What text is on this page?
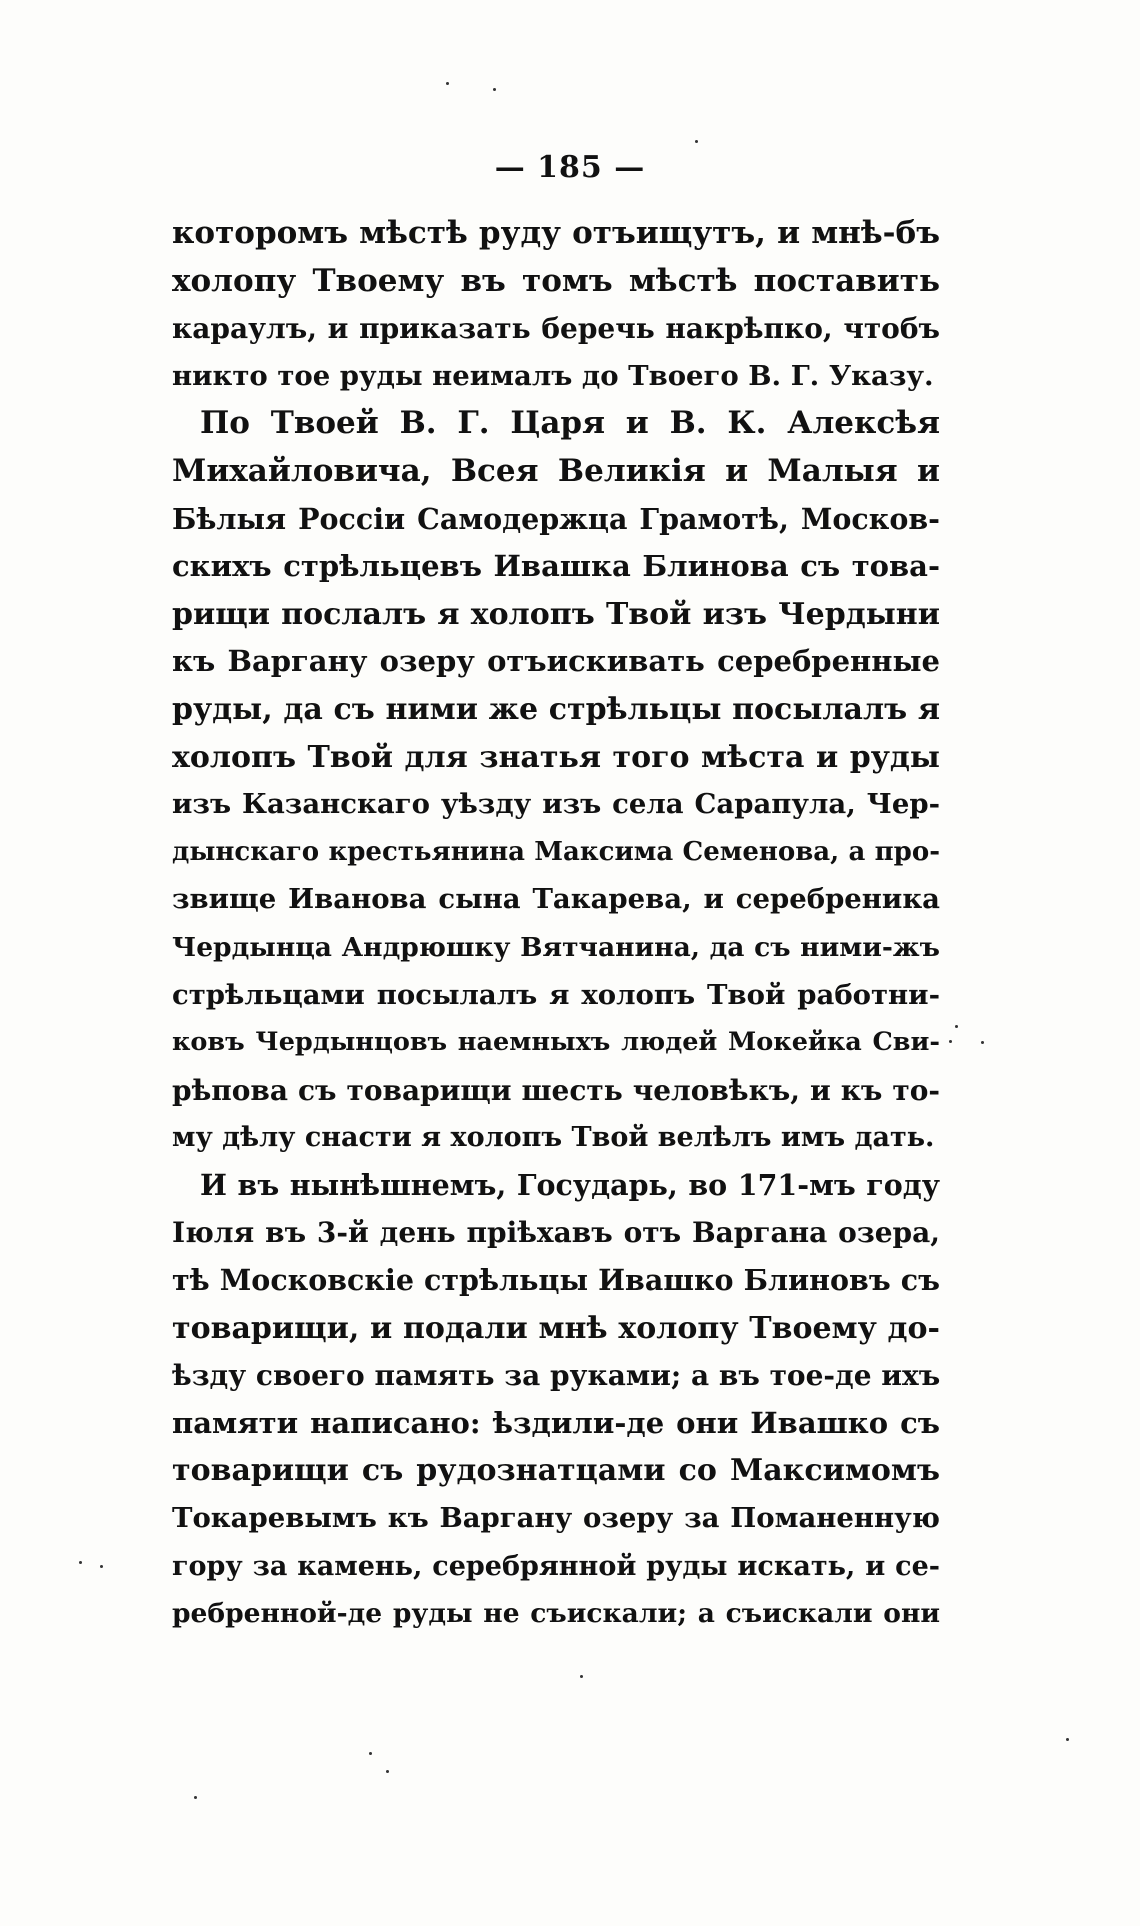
— 185 —
которомъ мѣстѣ руду отъищутъ, и мнѣ-бъ
холопу Твоему въ томъ мѣстѣ поставить
караулъ, и приказать беречь накрѣпко, чтобъ
никто тое руды неималъ до Твоего В. Г. Указу.
По Твоей В. Г. Царя и В. К. Алексѣя
Михайловича, Всея Великія и Малыя и
Бѣлыя Россіи Самодержца Грамотѣ, Москов-
скихъ стрѣльцевъ Ивашка Блинова съ това-
рищи послалъ я холопъ Твой изъ Чердыни
къ Варгану озеру отъискивать серебренные
руды, да съ ними же стрѣльцы посылалъ я
холопъ Твой для знатья того мѣста и руды
изъ Казанскаго уѣзду изъ села Сарапула, Чер-
дынскаго крестьянина Максима Семенова, а про-
звище Иванова сына Такарева, и серебреника
Чердынца Андрюшку Вятчанина, да съ ними-жъ
стрѣльцами посылалъ я холопъ Твой работни-
ковъ Чердынцовъ наемныхъ людей Мокейка Сви-
рѣпова съ товарищи шесть человѣкъ, и къ то-
му дѣлу снасти я холопъ Твой велѣлъ имъ дать.
И въ нынѣшнемъ, Государь, во 171-мъ году
Іюля въ 3-й день пріѣхавъ отъ Варгана озера,
тѣ Московскіе стрѣльцы Ивашко Блиновъ съ
товарищи, и подали мнѣ холопу Твоему до-
ѣзду своего память за руками; а въ тое-де ихъ
памяти написано: ѣздили-де они Ивашко съ
товарищи съ рудознатцами со Максимомъ
Токаревымъ къ Варгану озеру за Поманенную
гору за камень, серебрянной руды искать, и се-
ребренной-де руды не съискали; а съискали они
